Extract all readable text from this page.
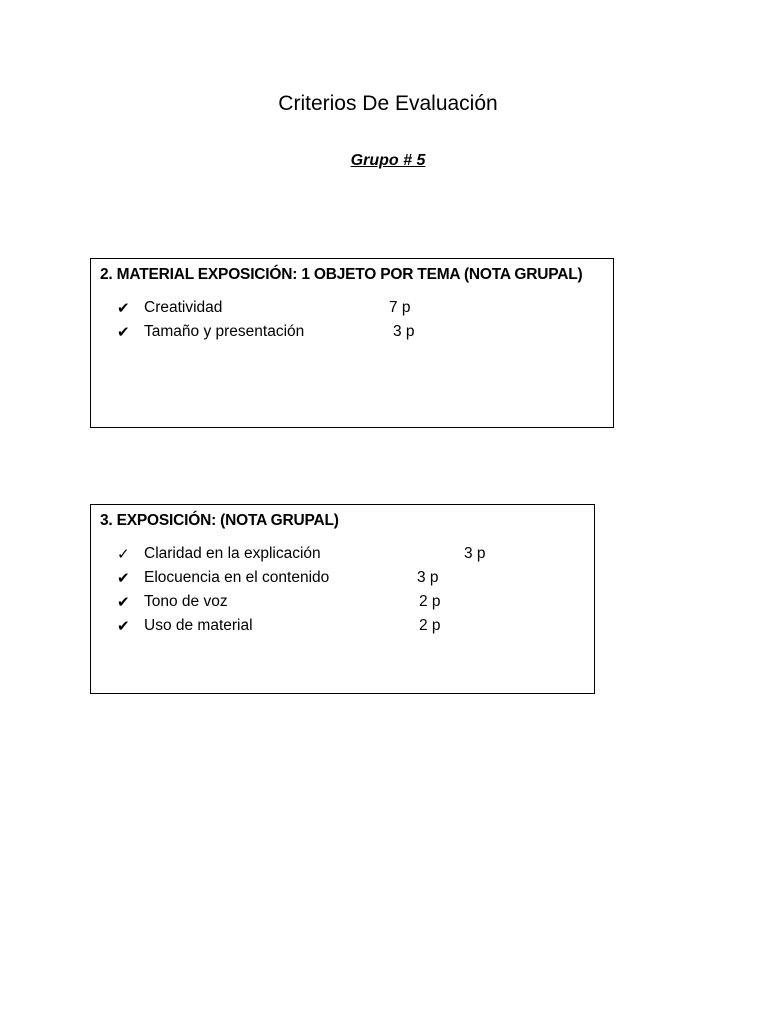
Criterios De Evaluación
Grupo # 5
2. MATERIAL EXPOSICIÓN: 1 OBJETO POR TEMA (NOTA GRUPAL)
✔ Creatividad	7 p
✔ Tamaño y presentación	3 p
3. EXPOSICIÓN: (NOTA GRUPAL)
✓ Claridad en la explicación	3 p
✔ Elocuencia en el contenido	3 p
✔ Tono de voz	2 p
✔ Uso de material	2 p
